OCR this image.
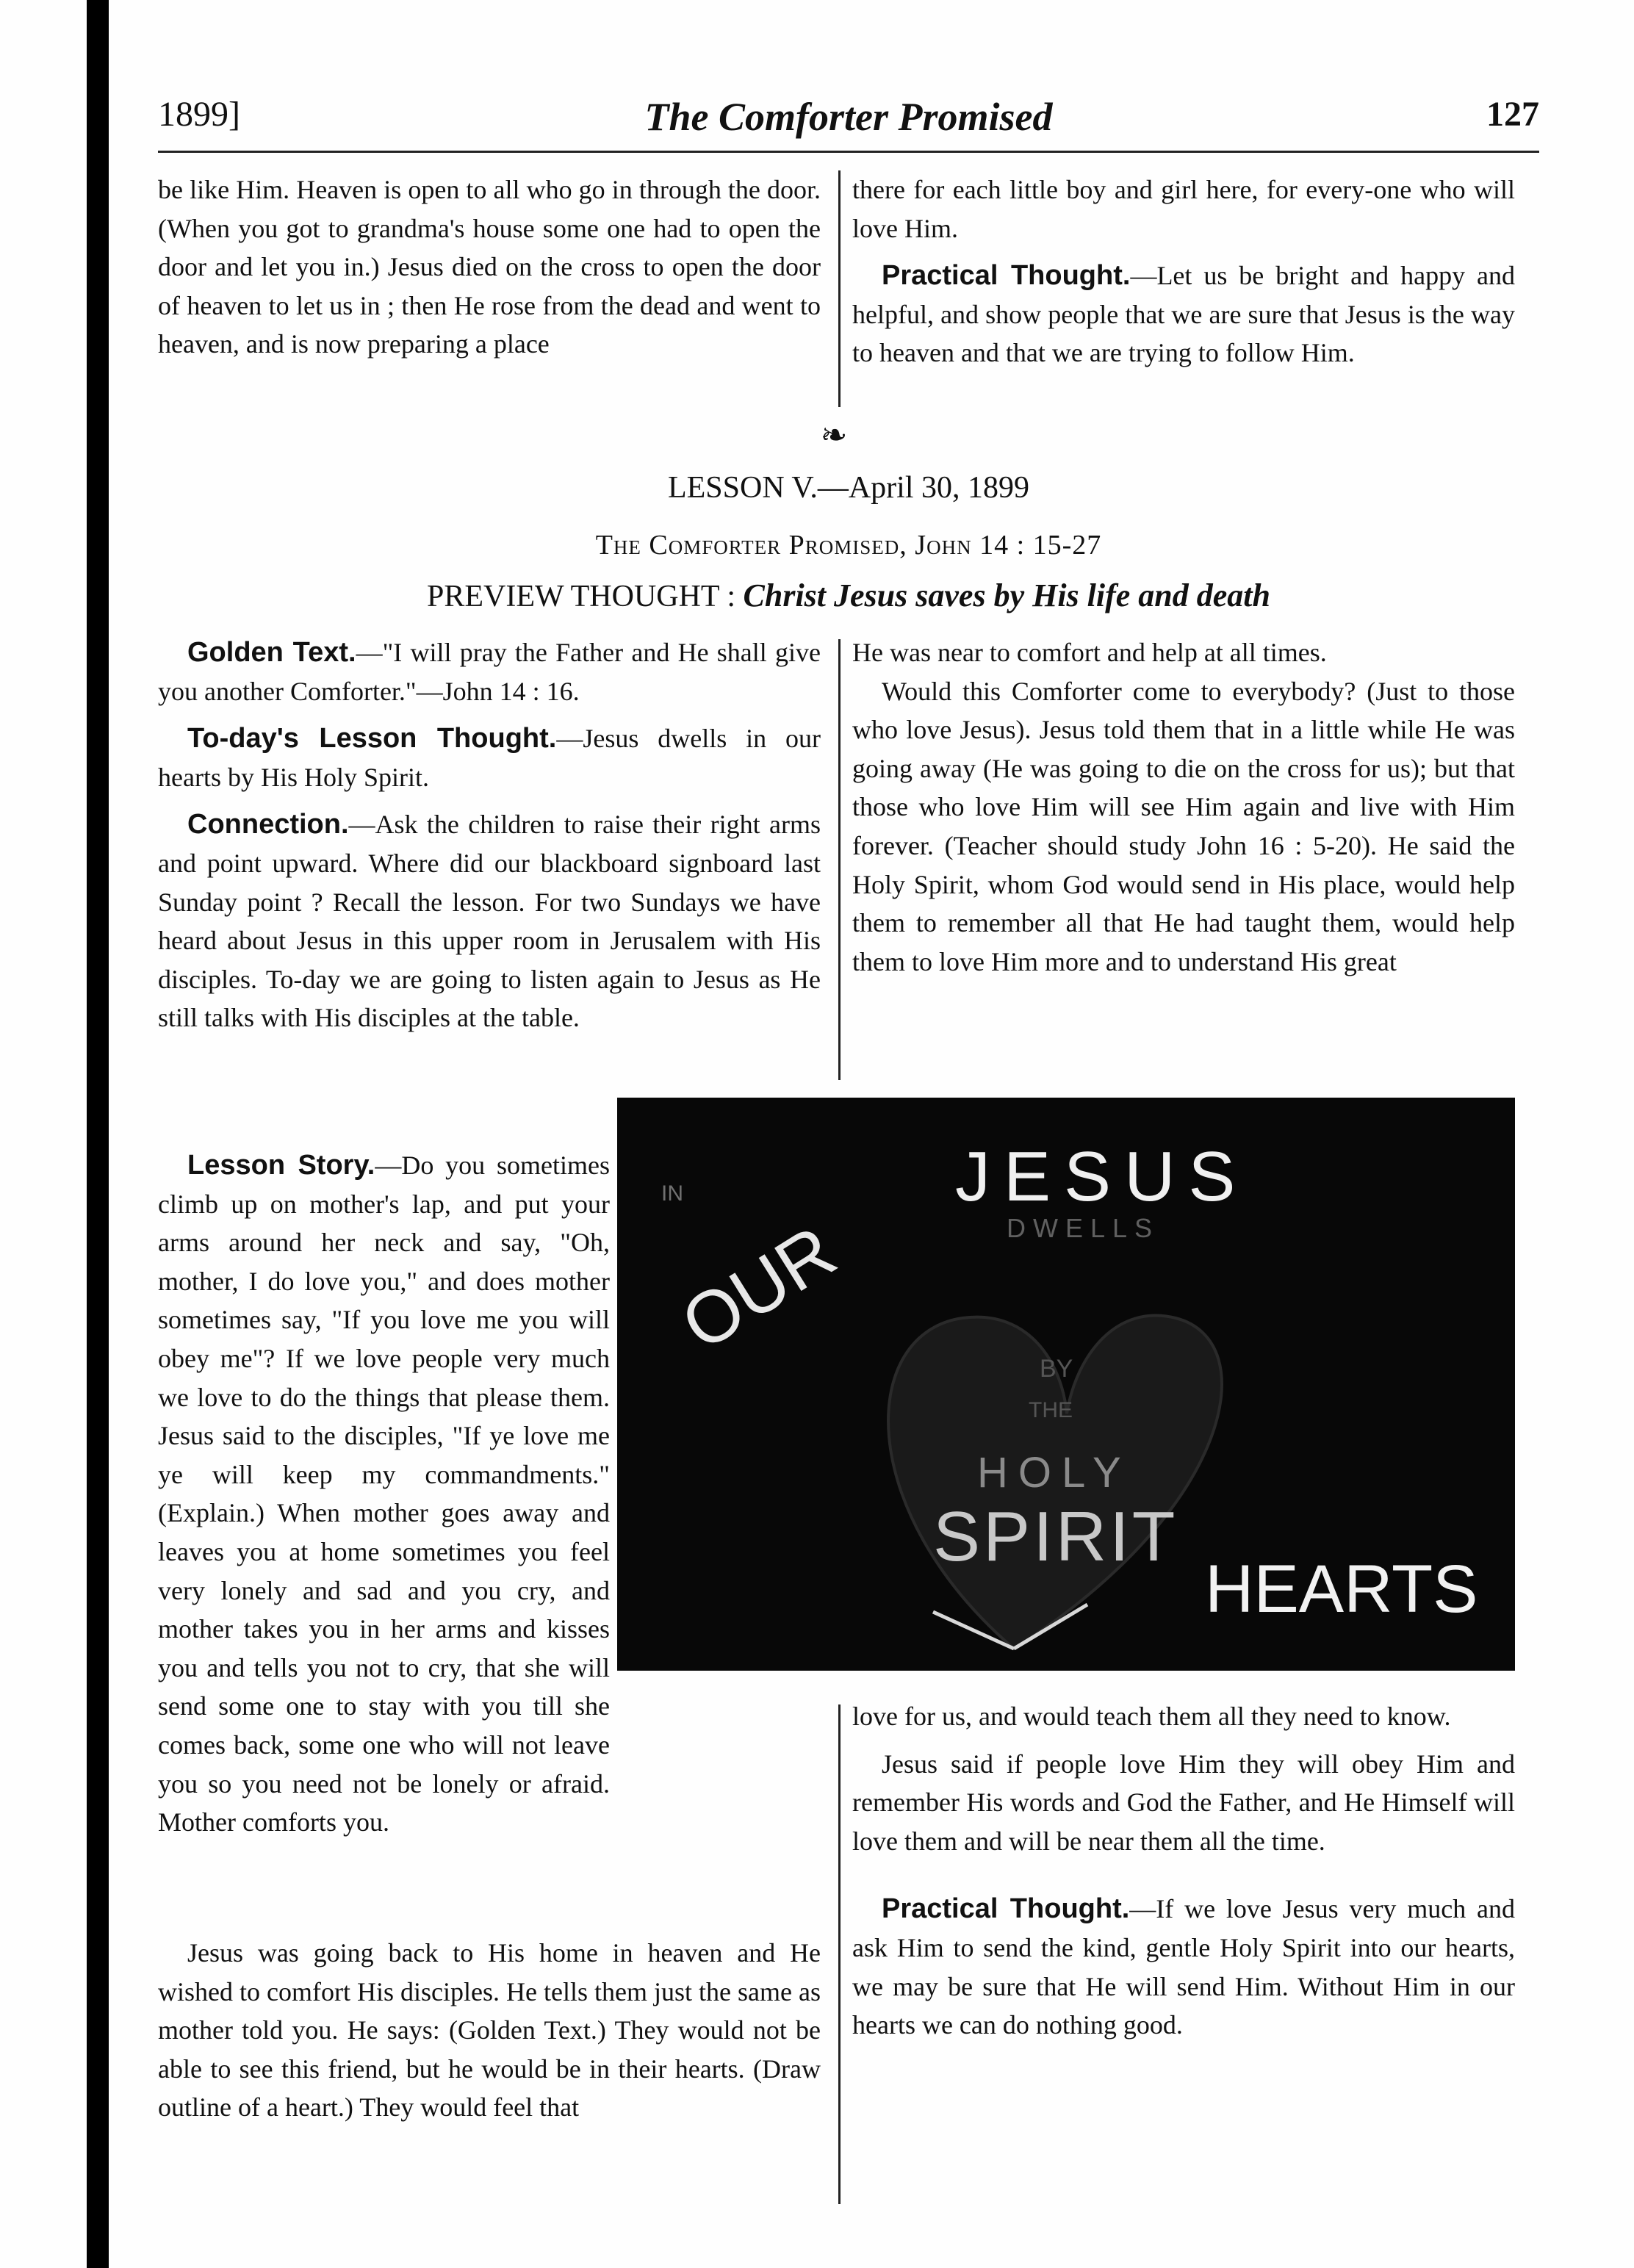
1899]	The Comforter Promised	127

be like Him. Heaven is open to all who go in through the door. (When you got to grandma's house some one had to open the door and let you in.) Jesus died on the cross to open the door of heaven to let us in ; then He rose from the dead and went to heaven, and is now preparing a place

there for each little boy and girl here, for every-one who will love Him.

Practical Thought.—Let us be bright and happy and helpful, and show people that we are sure that Jesus is the way to heaven and that we are trying to follow Him.

❧
LESSON V.—April 30, 1899
The Comforter Promised, John 14 : 15-27
PREVIEW THOUGHT : Christ Jesus saves by His life and death

Golden Text.—"I will pray the Father and He shall give you another Comforter."—John 14 : 16.

To-day's Lesson Thought.—Jesus dwells in our hearts by His Holy Spirit.

Connection.—Ask the children to raise their right arms and point upward. Where did our blackboard signboard last Sunday point ? Recall the lesson. For two Sundays we have heard about Jesus in this upper room in Jerusalem with His disciples. To-day we are going to listen again to Jesus as He still talks with His disciples at the table.

Lesson Story.—Do you sometimes climb up on mother's lap, and put your arms around her neck and say, "Oh, mother, I do love you," and does mother sometimes say, "If you love me you will obey me"? If we love people very much we love to do the things that please them. Jesus said to the disciples, "If ye love me ye will keep my commandments." (Explain.) When mother goes away and leaves you at home sometimes you feel very lonely and sad and you cry, and mother takes you in her arms and kisses you and tells you not to cry, that she will send some one to stay with you till she comes back, some one who will not leave you so you need not be lonely or afraid. Mother comforts you.

Jesus was going back to His home in heaven and He wished to comfort His disciples. He tells them just the same as mother told you. He says: (Golden Text.) They would not be able to see this friend, but he would be in their hearts. (Draw outline of a heart.) They would feel that

He was near to comfort and help at all times.

Would this Comforter come to everybody? (Just to those who love Jesus). Jesus told them that in a little while He was going away (He was going to die on the cross for us); but that those who love Him will see Him again and live with Him forever. (Teacher should study John 16 : 5-20). He said the Holy Spirit, whom God would send in His place, would help them to remember all that He had taught them, would help them to love Him more and to understand His great

JESUS
DWELLS
IN
OUR
BY
THE
HOLY
SPIRIT
HEARTS

love for us, and would teach them all they need to know.

Jesus said if people love Him they will obey Him and remember His words and God the Father, and He Himself will love them and will be near them all the time.

Practical Thought.—If we love Jesus very much and ask Him to send the kind, gentle Holy Spirit into our hearts, we may be sure that He will send Him. Without Him in our hearts we can do nothing good.
